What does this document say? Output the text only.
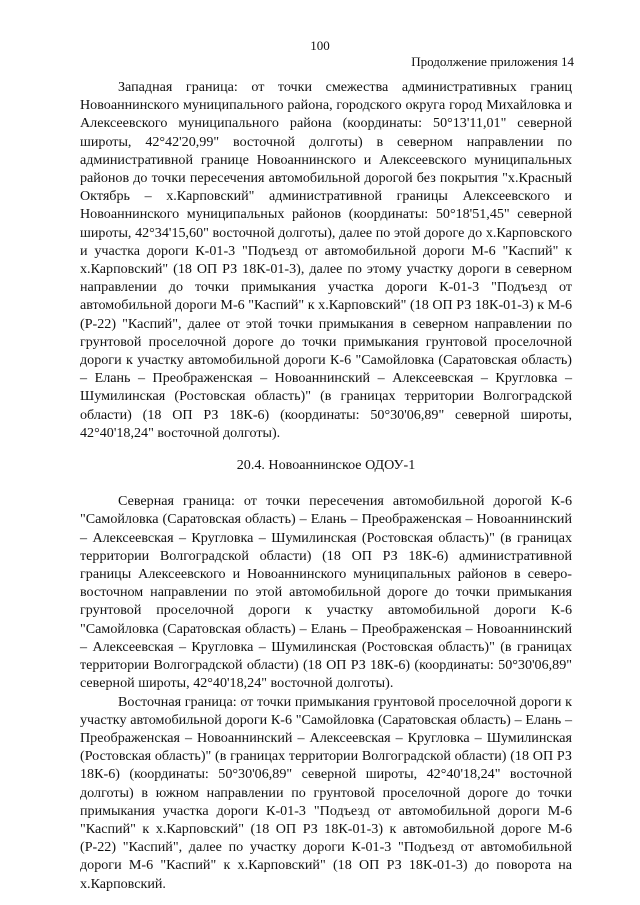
100
Продолжение приложения 14

Западная граница: от точки смежества административных границ Новоаннинского муниципального района, городского округа город Михайловка и Алексеевского муниципального района (координаты: 50°13'11,01" северной широты, 42°42'20,99" восточной долготы) в северном направлении по административной границе Новоаннинского и Алексеевского муниципальных районов до точки пересечения автомобильной дорогой без покрытия "х.Красный Октябрь – х.Карповский" административной границы Алексеевского и Новоаннинского муниципальных районов (координаты: 50°18'51,45" северной широты, 42°34'15,60" восточной долготы), далее по этой дороге до х.Карповского и участка дороги К-01-3 "Подъезд от автомобильной дороги М-6 "Каспий" к х.Карповский" (18 ОП РЗ 18К-01-3), далее по этому участку дороги в северном направлении до точки примыкания участка дороги К-01-3 "Подъезд от автомобильной дороги М-6 "Каспий" к х.Карповский" (18 ОП РЗ 18К-01-3) к М-6 (Р-22) "Каспий", далее от этой точки примыкания в северном направлении по грунтовой проселочной дороге до точки примыкания грунтовой проселочной дороги к участку автомобильной дороги К-6 "Самойловка (Саратовская область) – Елань – Преображенская – Новоаннинский – Алексеевская – Кругловка – Шумилинская (Ростовская область)" (в границах территории Волгоградской области) (18 ОП РЗ 18К-6) (координаты: 50°30'06,89" северной широты, 42°40'18,24" восточной долготы).

20.4. Новоаннинское ОДОУ-1

Северная граница: от точки пересечения автомобильной дорогой К-6 "Самойловка (Саратовская область) – Елань – Преображенская – Новоаннинский – Алексеевская – Кругловка – Шумилинская (Ростовская область)" (в границах территории Волгоградской области) (18 ОП РЗ 18К-6) административной границы Алексеевского и Новоаннинского муниципальных районов в северо-восточном направлении по этой автомобильной дороге до точки примыкания грунтовой проселочной дороги к участку автомобильной дороги К-6 "Самойловка (Саратовская область) – Елань – Преображенская – Новоаннинский – Алексеевская – Кругловка – Шумилинская (Ростовская область)" (в границах территории Волгоградской области) (18 ОП РЗ 18К-6) (координаты: 50°30'06,89" северной широты, 42°40'18,24" восточной долготы).

Восточная граница: от точки примыкания грунтовой проселочной дороги к участку автомобильной дороги К-6 "Самойловка (Саратовская область) – Елань – Преображенская – Новоаннинский – Алексеевская – Кругловка – Шумилинская (Ростовская область)" (в границах территории Волгоградской области) (18 ОП РЗ 18К-6) (координаты: 50°30'06,89" северной широты, 42°40'18,24" восточной долготы) в южном направлении по грунтовой проселочной дороге до точки примыкания участка дороги К-01-3 "Подъезд от автомобильной дороги М-6 "Каспий" к х.Карповский" (18 ОП РЗ 18К-01-3) к автомобильной дороге М-6 (Р-22) "Каспий", далее по участку дороги К-01-3 "Подъезд от автомобильной дороги М-6 "Каспий" к х.Карповский" (18 ОП РЗ 18К-01-3) до поворота на х.Карповский.
